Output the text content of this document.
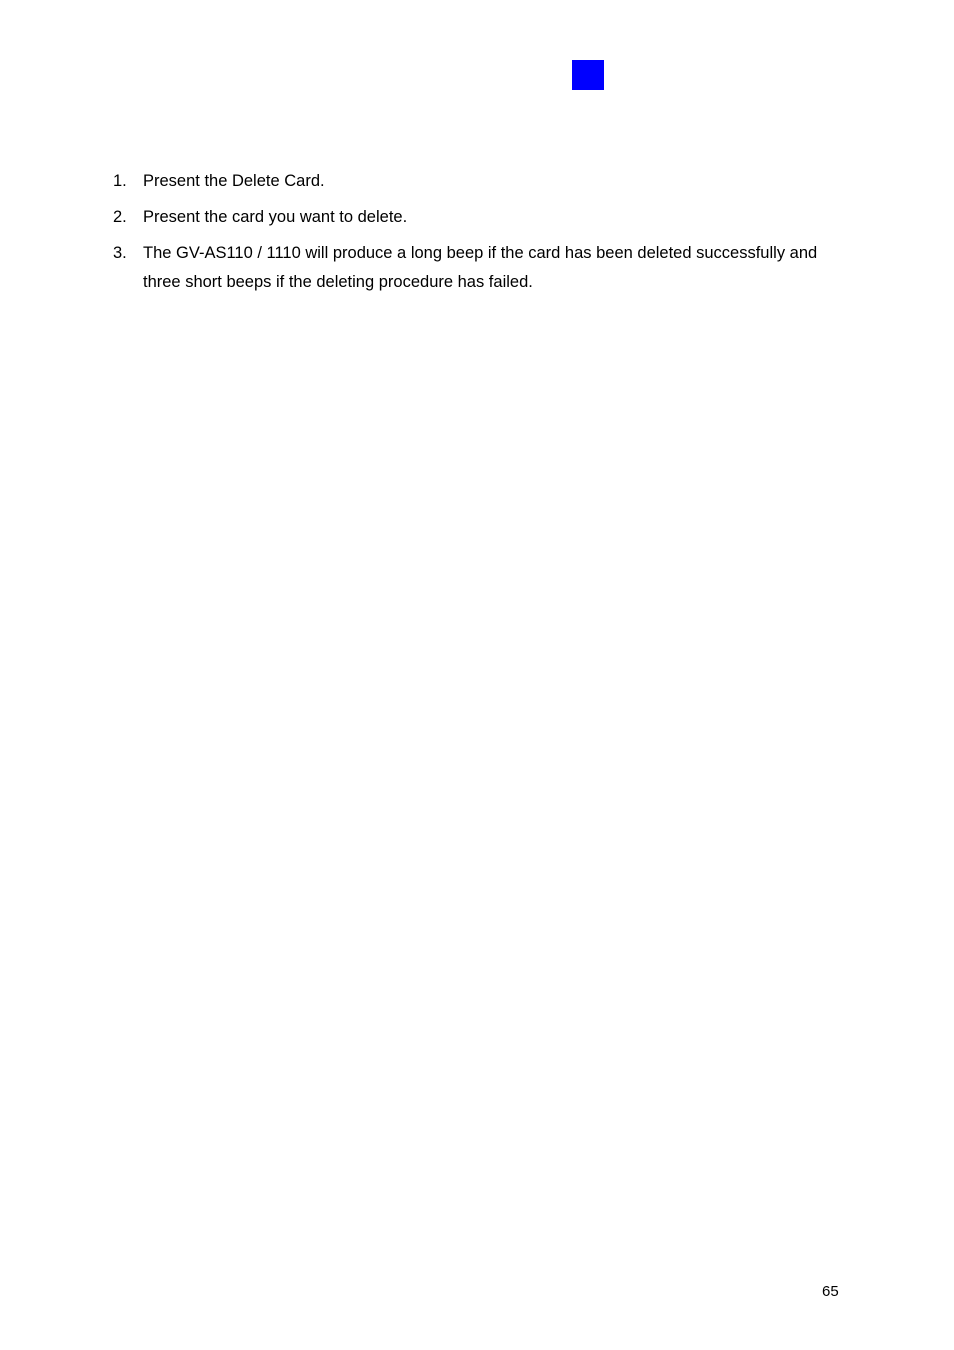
1. Present the Delete Card.
2. Present the card you want to delete.
3. The GV-AS110 / 1110 will produce a long beep if the card has been deleted successfully and three short beeps if the deleting procedure has failed.
65
